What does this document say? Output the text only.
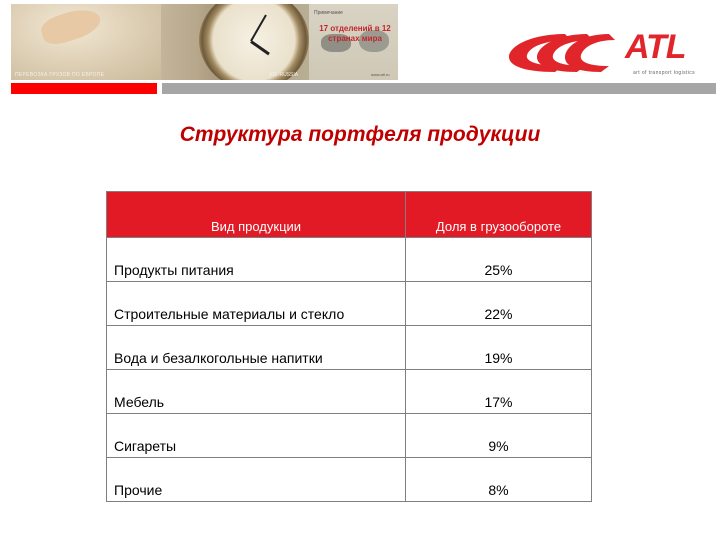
Примечание
17 отделений в 12 странах мира
www.atl.ru
ПЕРЕВОЗКА ГРУЗОВ ПО ЕВРОПЕ	ATL-RUSSIA
ATL
art of transport logistics
Структура портфеля продукции
Вид продукции	Доля в грузообороте
Продукты питания	25%
Строительные материалы и стекло	22%
Вода и безалкогольные напитки	19%
Мебель	17%
Сигареты	9%
Прочие	8%
